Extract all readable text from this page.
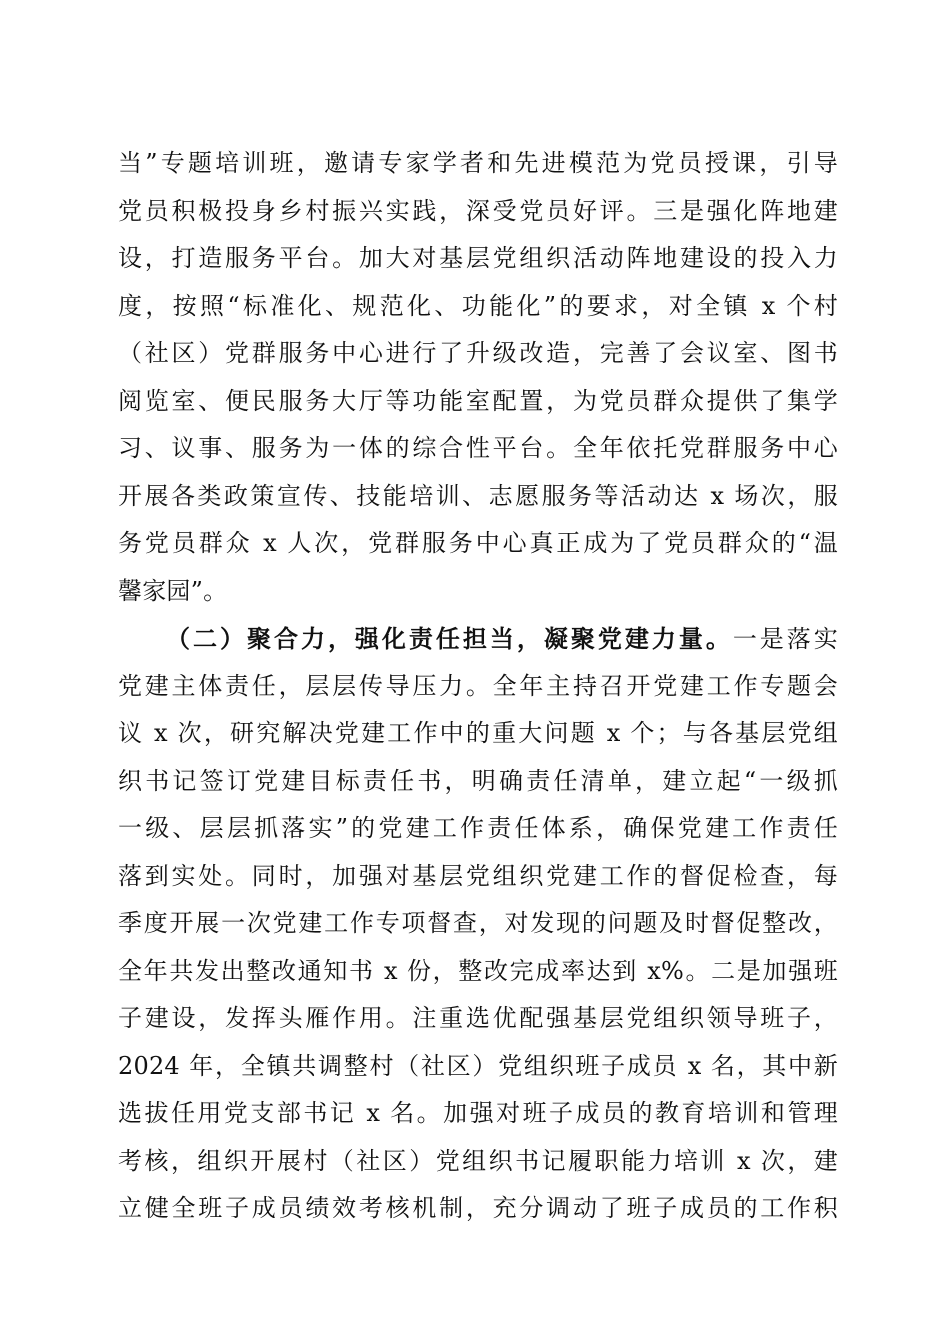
当”专题培训班，邀请专家学者和先进模范为党员授课，引导
党员积极投身乡村振兴实践，深受党员好评。三是强化阵地建
设，打造服务平台。加大对基层党组织活动阵地建设的投入力
度，按照“标准化、规范化、功能化”的要求，对全镇 x 个村
（社区）党群服务中心进行了升级改造，完善了会议室、图书
阅览室、便民服务大厅等功能室配置，为党员群众提供了集学
习、议事、服务为一体的综合性平台。全年依托党群服务中心
开展各类政策宣传、技能培训、志愿服务等活动达 x 场次，服
务党员群众 x 人次，党群服务中心真正成为了党员群众的“温
馨家园”。
（二）聚合力，强化责任担当，凝聚党建力量。一是落实
党建主体责任，层层传导压力。全年主持召开党建工作专题会
议 x 次，研究解决党建工作中的重大问题 x 个；与各基层党组
织书记签订党建目标责任书，明确责任清单，建立起“一级抓
一级、层层抓落实”的党建工作责任体系，确保党建工作责任
落到实处。同时，加强对基层党组织党建工作的督促检查，每
季度开展一次党建工作专项督查，对发现的问题及时督促整改，
全年共发出整改通知书 x 份，整改完成率达到 x%。二是加强班
子建设，发挥头雁作用。注重选优配强基层党组织领导班子，
2024 年，全镇共调整村（社区）党组织班子成员 x 名，其中新
选拔任用党支部书记 x 名。加强对班子成员的教育培训和管理
考核，组织开展村（社区）党组织书记履职能力培训 x 次，建
立健全班子成员绩效考核机制，充分调动了班子成员的工作积
